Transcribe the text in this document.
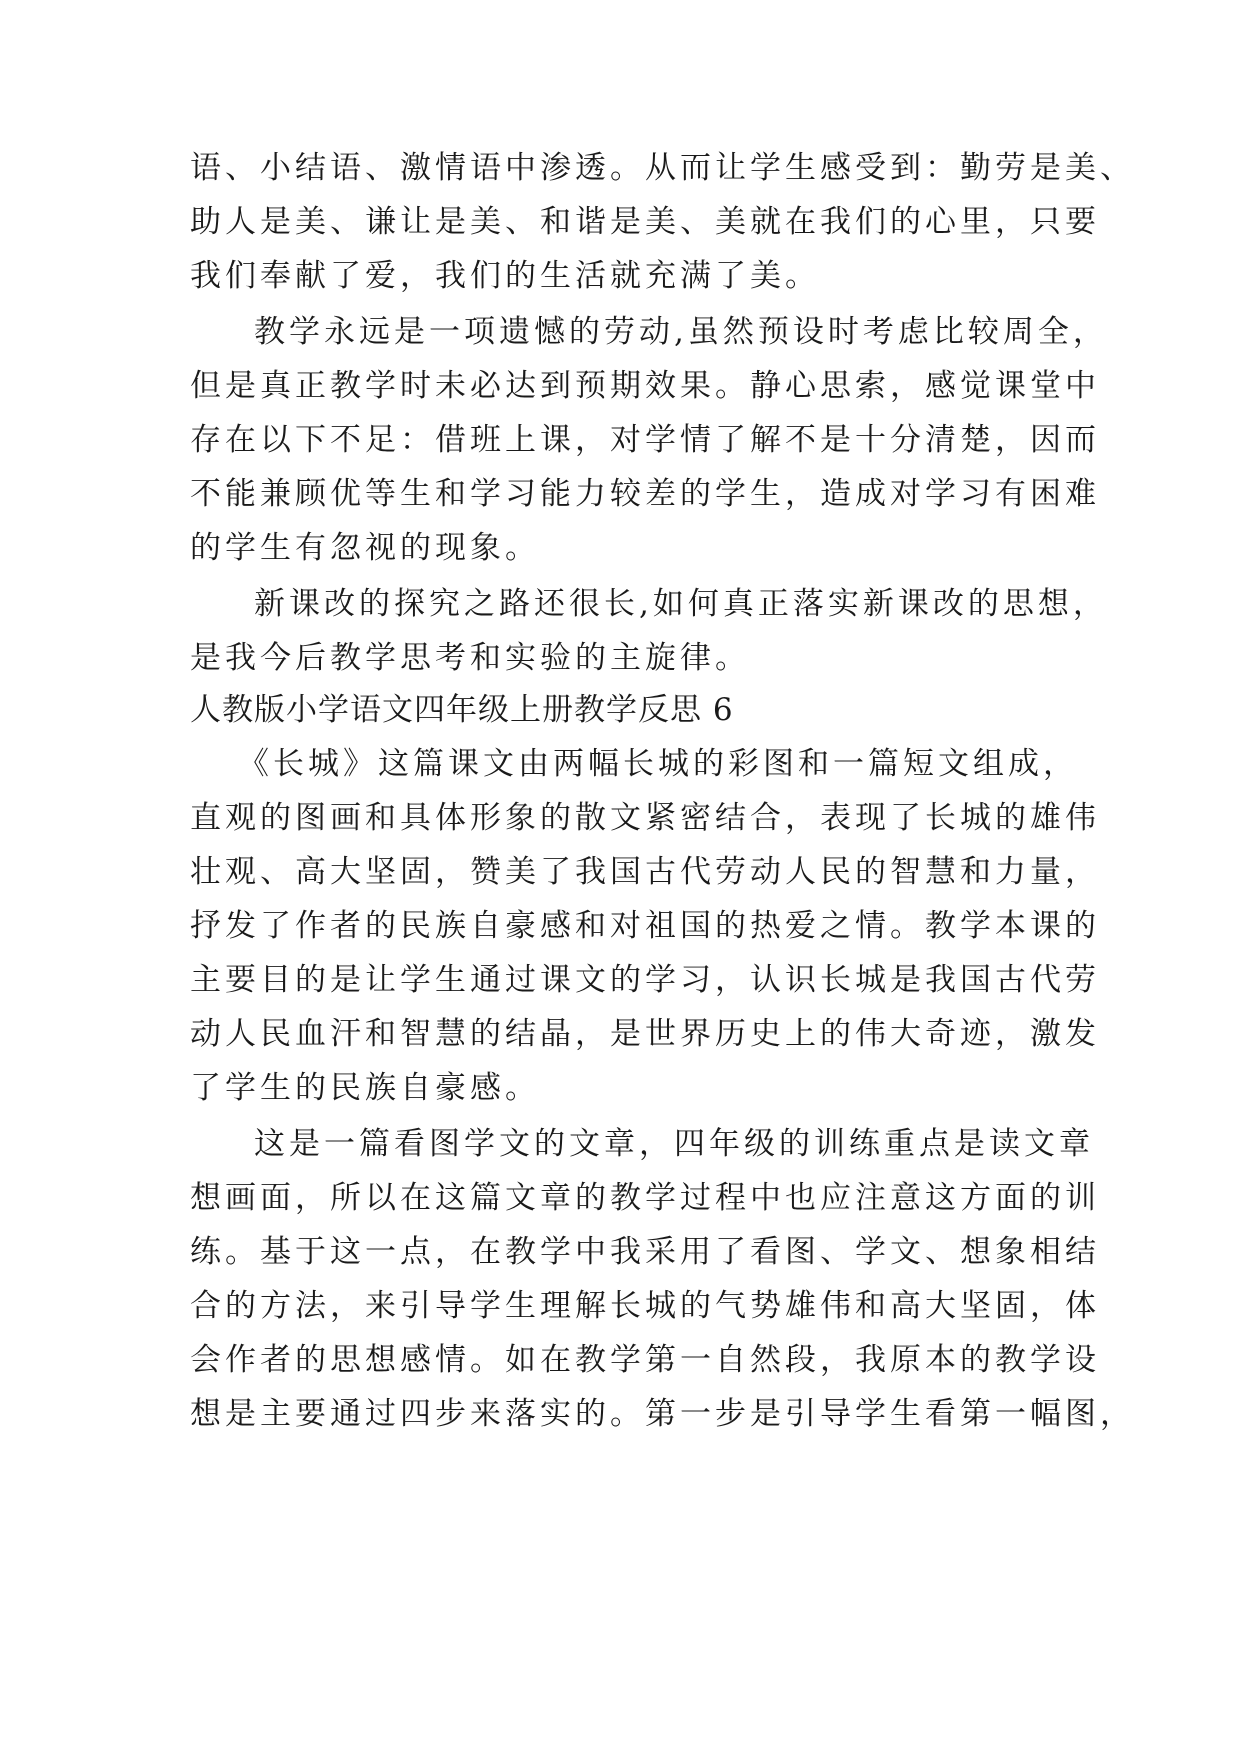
语、小结语、激情语中渗透。从而让学生感受到：勤劳是美、
助人是美、谦让是美、和谐是美、美就在我们的心里，只要
我们奉献了爱，我们的生活就充满了美。
教学永远是一项遗憾的劳动,虽然预设时考虑比较周全，
但是真正教学时未必达到预期效果。静心思索，感觉课堂中
存在以下不足：借班上课，对学情了解不是十分清楚，因而
不能兼顾优等生和学习能力较差的学生，造成对学习有困难
的学生有忽视的现象。
新课改的探究之路还很长,如何真正落实新课改的思想，
是我今后教学思考和实验的主旋律。
人教版小学语文四年级上册教学反思 6
《长城》这篇课文由两幅长城的彩图和一篇短文组成，
直观的图画和具体形象的散文紧密结合，表现了长城的雄伟
壮观、高大坚固，赞美了我国古代劳动人民的智慧和力量，
抒发了作者的民族自豪感和对祖国的热爱之情。教学本课的
主要目的是让学生通过课文的学习，认识长城是我国古代劳
动人民血汗和智慧的结晶，是世界历史上的伟大奇迹，激发
了学生的民族自豪感。
这是一篇看图学文的文章，四年级的训练重点是读文章
想画面，所以在这篇文章的教学过程中也应注意这方面的训
练。基于这一点，在教学中我采用了看图、学文、想象相结
合的方法，来引导学生理解长城的气势雄伟和高大坚固，体
会作者的思想感情。如在教学第一自然段，我原本的教学设
想是主要通过四步来落实的。第一步是引导学生看第一幅图，
